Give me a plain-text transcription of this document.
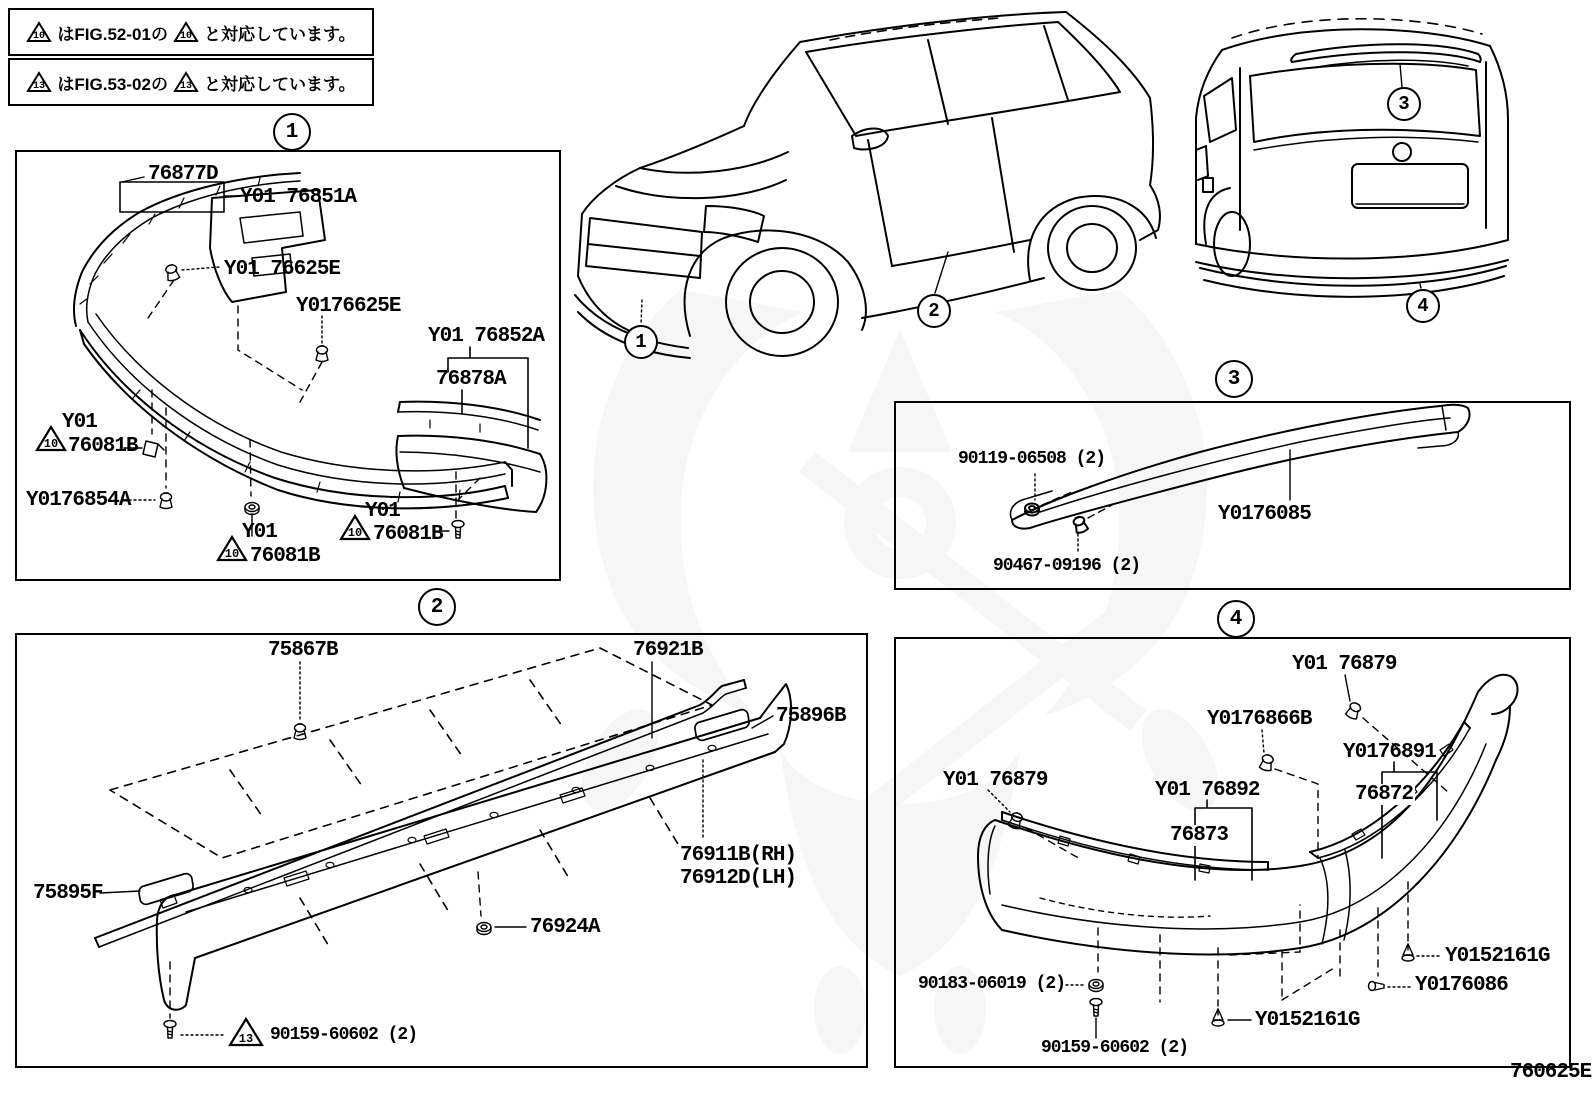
10 はFIG.52-01の 10 と対応しています。
13 はFIG.53-02の 13 と対応しています。
1
2
3
4
1
2
3
4
76877D
Y01 76851A
Y01 76625E
Y0176625E
Y01 76852A
76878A
Y01
76081B
10
Y0176854A
Y01
76081B
10
Y01
76081B
10
76921B
75867B
75896B
75895F
76911B(RH)
76912D(LH)
76924A
13 90159-60602 (2)
90119-06508 (2)
Y0176085
90467-09196 (2)
Y01 76879
Y0176866B
Y0176891
76872
Y01 76879	Y01 76892
76873
90183-06019 (2)
90159-60602 (2)
Y0152161G
Y0176086
Y0152161G
760625E
